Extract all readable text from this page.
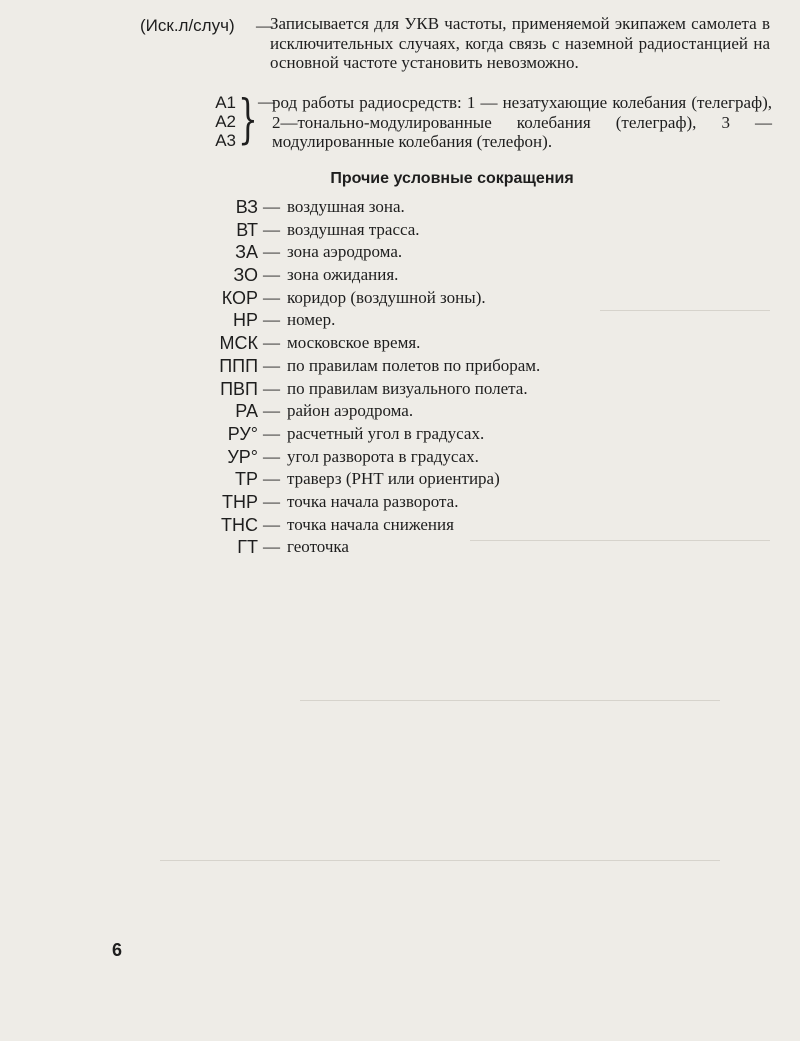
(Иск.л/случ) —
Записывается для УКВ частоты, применяемой экипажем самолета в исключительных случаях, когда связь с наземной радиостанцией на основной частоте установить невозможно.
А1
А2
А3 } —
род работы радиосредств: 1 — незатухающие колебания (телеграф), 2—тонально-модулированные колебания (телеграф), 3 — модулированные колебания (телефон).
Прочие условные сокращения
ВЗ — воздушная зона.
ВТ — воздушная трасса.
ЗА — зона аэродрома.
ЗО — зона ожидания.
КОР — коридор (воздушной зоны).
НР — номер.
МСК — московское время.
ППП — по правилам полетов по приборам.
ПВП — по правилам визуального полета.
РА — район аэродрома.
РУ° — расчетный угол в градусах.
УР° — угол разворота в градусах.
ТР — траверз (РНТ или ориентира)
ТНР — точка начала разворота.
ТНС — точка начала снижения
ГТ — геоточка
6
